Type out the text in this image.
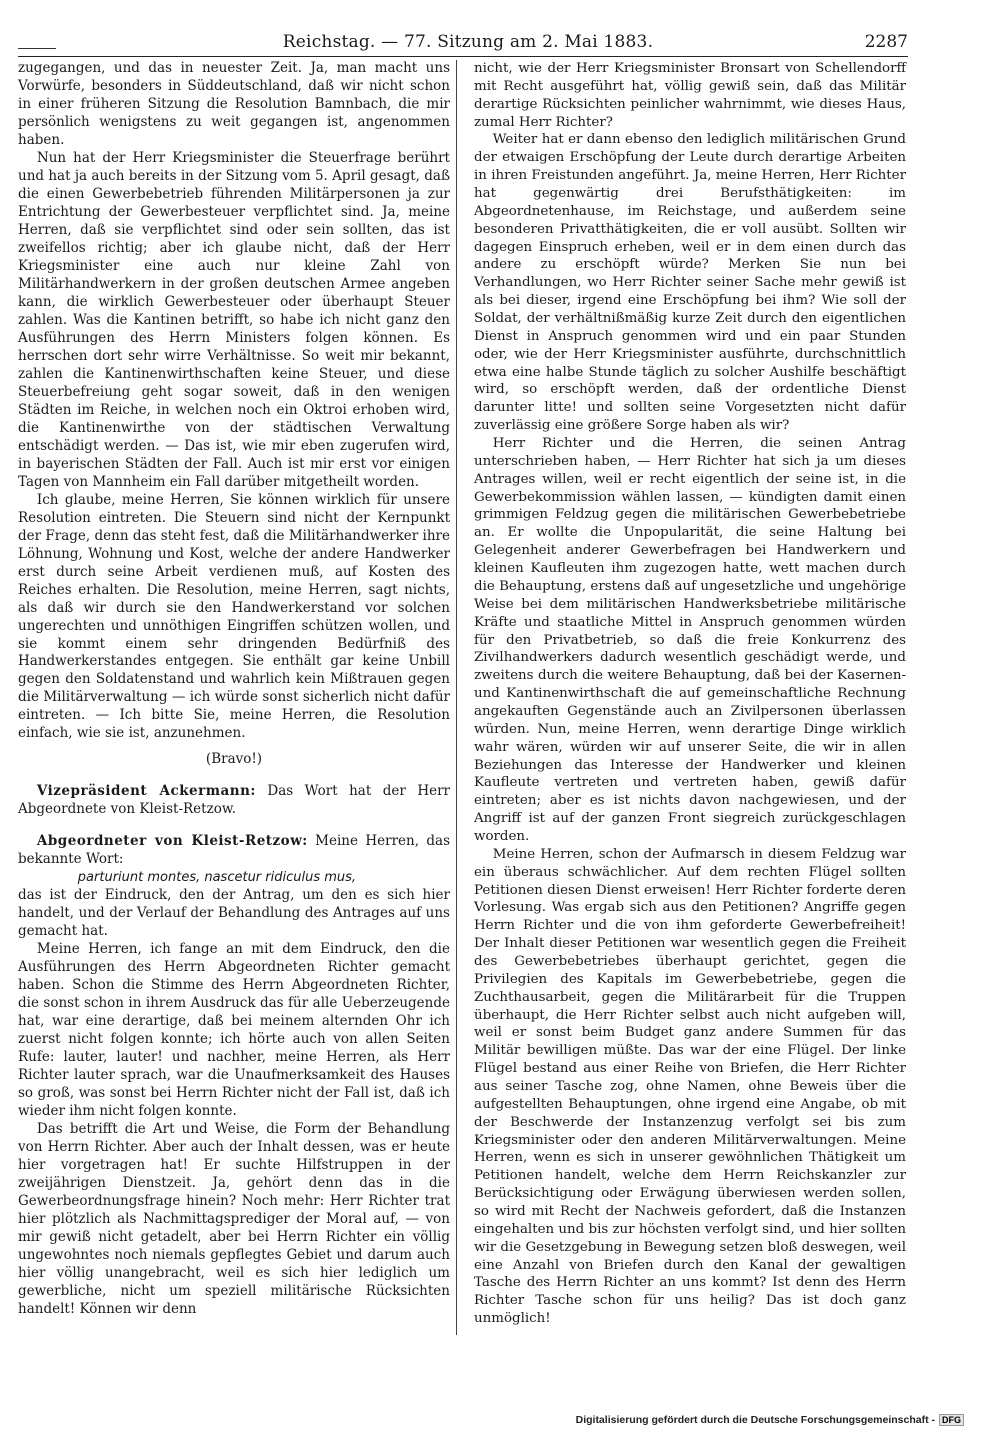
Reichstag. — 77. Sitzung am 2. Mai 1883.	2287

zugegangen, und das in neuester Zeit. Ja, man macht uns Vorwürfe, besonders in Süddeutschland, daß wir nicht schon in einer früheren Sitzung die Resolution Bamnbach, die mir persönlich wenigstens zu weit gegangen ist, angenommen haben.

Nun hat der Herr Kriegsminister die Steuerfrage berührt und hat ja auch bereits in der Sitzung vom 5. April gesagt, daß die einen Gewerbebetrieb führenden Militärpersonen ja zur Entrichtung der Gewerbesteuer verpflichtet sind. Ja, meine Herren, daß sie verpflichtet sind oder sein sollten, das ist zweifellos richtig; aber ich glaube nicht, daß der Herr Kriegsminister eine auch nur kleine Zahl von Militärhandwerkern in der großen deutschen Armee angeben kann, die wirklich Gewerbesteuer oder überhaupt Steuer zahlen. Was die Kantinen betrifft, so habe ich nicht ganz den Ausführungen des Herrn Ministers folgen können. Es herrschen dort sehr wirre Verhältnisse. So weit mir bekannt, zahlen die Kantinenwirthschaften keine Steuer, und diese Steuerbefreiung geht sogar soweit, daß in den wenigen Städten im Reiche, in welchen noch ein Oktroi erhoben wird, die Kantinenwirthe von der städtischen Verwaltung entschädigt werden. — Das ist, wie mir eben zugerufen wird, in bayerischen Städten der Fall. Auch ist mir erst vor einigen Tagen von Mannheim ein Fall darüber mitgetheilt worden.

Ich glaube, meine Herren, Sie können wirklich für unsere Resolution eintreten. Die Steuern sind nicht der Kernpunkt der Frage, denn das steht fest, daß die Militärhandwerker ihre Löhnung, Wohnung und Kost, welche der andere Handwerker erst durch seine Arbeit verdienen muß, auf Kosten des Reiches erhalten. Die Resolution, meine Herren, sagt nichts, als daß wir durch sie den Handwerkerstand vor solchen ungerechten und unnöthigen Eingriffen schützen wollen, und sie kommt einem sehr dringenden Bedürfniß des Handwerkerstandes entgegen. Sie enthält gar keine Unbill gegen den Soldatenstand und wahrlich kein Mißtrauen gegen die Militärverwaltung — ich würde sonst sicherlich nicht dafür eintreten. — Ich bitte Sie, meine Herren, die Resolution einfach, wie sie ist, anzunehmen.

(Bravo!)

Vizepräsident Ackermann: Das Wort hat der Herr Abgeordnete von Kleist-Retzow.

Abgeordneter von Kleist-Retzow: Meine Herren, das bekannte Wort:

parturiunt montes, nascetur ridiculus mus,

das ist der Eindruck, den der Antrag, um den es sich hier handelt, und der Verlauf der Behandlung des Antrages auf uns gemacht hat.

Meine Herren, ich fange an mit dem Eindruck, den die Ausführungen des Herrn Abgeordneten Richter gemacht haben. Schon die Stimme des Herrn Abgeordneten Richter, die sonst schon in ihrem Ausdruck das für alle Ueberzeugende hat, war eine derartige, daß bei meinem alternden Ohr ich zuerst nicht folgen konnte; ich hörte auch von allen Seiten Rufe: lauter, lauter! und nachher, meine Herren, als Herr Richter lauter sprach, war die Unaufmerksamkeit des Hauses so groß, was sonst bei Herrn Richter nicht der Fall ist, daß ich wieder ihm nicht folgen konnte.

Das betrifft die Art und Weise, die Form der Behandlung von Herrn Richter. Aber auch der Inhalt dessen, was er heute hier vorgetragen hat! Er suchte Hilfstruppen in der zweijährigen Dienstzeit. Ja, gehört denn das in die Gewerbeordnungsfrage hinein? Noch mehr: Herr Richter trat hier plötzlich als Nachmittagsprediger der Moral auf, — von mir gewiß nicht getadelt, aber bei Herrn Richter ein völlig ungewohntes noch niemals gepflegtes Gebiet und darum auch hier völlig unangebracht, weil es sich hier lediglich um gewerbliche, nicht um speziell militärische Rücksichten handelt! Können wir denn

nicht, wie der Herr Kriegsminister Bronsart von Schellendorff mit Recht ausgeführt hat, völlig gewiß sein, daß das Militär derartige Rücksichten peinlicher wahrnimmt, wie dieses Haus, zumal Herr Richter?

Weiter hat er dann ebenso den lediglich militärischen Grund der etwaigen Erschöpfung der Leute durch derartige Arbeiten in ihren Freistunden angeführt. Ja, meine Herren, Herr Richter hat gegenwärtig drei Berufsthätigkeiten: im Abgeordnetenhause, im Reichstage, und außerdem seine besonderen Privatthätigkeiten, die er voll ausübt. Sollten wir dagegen Einspruch erheben, weil er in dem einen durch das andere zu erschöpft würde? Merken Sie nun bei Verhandlungen, wo Herr Richter seiner Sache mehr gewiß ist als bei dieser, irgend eine Erschöpfung bei ihm? Wie soll der Soldat, der verhältnißmäßig kurze Zeit durch den eigentlichen Dienst in Anspruch genommen wird und ein paar Stunden oder, wie der Herr Kriegsminister ausführte, durchschnittlich etwa eine halbe Stunde täglich zu solcher Aushilfe beschäftigt wird, so erschöpft werden, daß der ordentliche Dienst darunter litte! und sollten seine Vorgesetzten nicht dafür zuverlässig eine größere Sorge haben als wir?

Herr Richter und die Herren, die seinen Antrag unterschrieben haben, — Herr Richter hat sich ja um dieses Antrages willen, weil er recht eigentlich der seine ist, in die Gewerbekommission wählen lassen, — kündigten damit einen grimmigen Feldzug gegen die militärischen Gewerbebetriebe an. Er wollte die Unpopularität, die seine Haltung bei Gelegenheit anderer Gewerbefragen bei Handwerkern und kleinen Kaufleuten ihm zugezogen hatte, wett machen durch die Behauptung, erstens daß auf ungesetzliche und ungehörige Weise bei dem militärischen Handwerksbetriebe militärische Kräfte und staatliche Mittel in Anspruch genommen würden für den Privatbetrieb, so daß die freie Konkurrenz des Zivilhandwerkers dadurch wesentlich geschädigt werde, und zweitens durch die weitere Behauptung, daß bei der Kasernen- und Kantinenwirthschaft die auf gemeinschaftliche Rechnung angekauften Gegenstände auch an Zivilpersonen überlassen würden. Nun, meine Herren, wenn derartige Dinge wirklich wahr wären, würden wir auf unserer Seite, die wir in allen Beziehungen das Interesse der Handwerker und kleinen Kaufleute vertreten und vertreten haben, gewiß dafür eintreten; aber es ist nichts davon nachgewiesen, und der Angriff ist auf der ganzen Front siegreich zurückgeschlagen worden.

Meine Herren, schon der Aufmarsch in diesem Feldzug war ein überaus schwächlicher. Auf dem rechten Flügel sollten Petitionen diesen Dienst erweisen! Herr Richter forderte deren Vorlesung. Was ergab sich aus den Petitionen? Angriffe gegen Herrn Richter und die von ihm geforderte Gewerbefreiheit! Der Inhalt dieser Petitionen war wesentlich gegen die Freiheit des Gewerbebetriebes überhaupt gerichtet, gegen die Privilegien des Kapitals im Gewerbebetriebe, gegen die Zuchthausarbeit, gegen die Militärarbeit für die Truppen überhaupt, die Herr Richter selbst auch nicht aufgeben will, weil er sonst beim Budget ganz andere Summen für das Militär bewilligen müßte. Das war der eine Flügel. Der linke Flügel bestand aus einer Reihe von Briefen, die Herr Richter aus seiner Tasche zog, ohne Namen, ohne Beweis über die aufgestellten Behauptungen, ohne irgend eine Angabe, ob mit der Beschwerde der Instanzenzug verfolgt sei bis zum Kriegsminister oder den anderen Militärverwaltungen. Meine Herren, wenn es sich in unserer gewöhnlichen Thätigkeit um Petitionen handelt, welche dem Herrn Reichskanzler zur Berücksichtigung oder Erwägung überwiesen werden sollen, so wird mit Recht der Nachweis gefordert, daß die Instanzen eingehalten und bis zur höchsten verfolgt sind, und hier sollten wir die Gesetzgebung in Bewegung setzen bloß deswegen, weil eine Anzahl von Briefen durch den Kanal der gewaltigen Tasche des Herrn Richter an uns kommt? Ist denn des Herrn Richter Tasche schon für uns heilig? Das ist doch ganz unmöglich!

Digitalisierung gefördert durch die Deutsche Forschungsgemeinschaft - DFG
